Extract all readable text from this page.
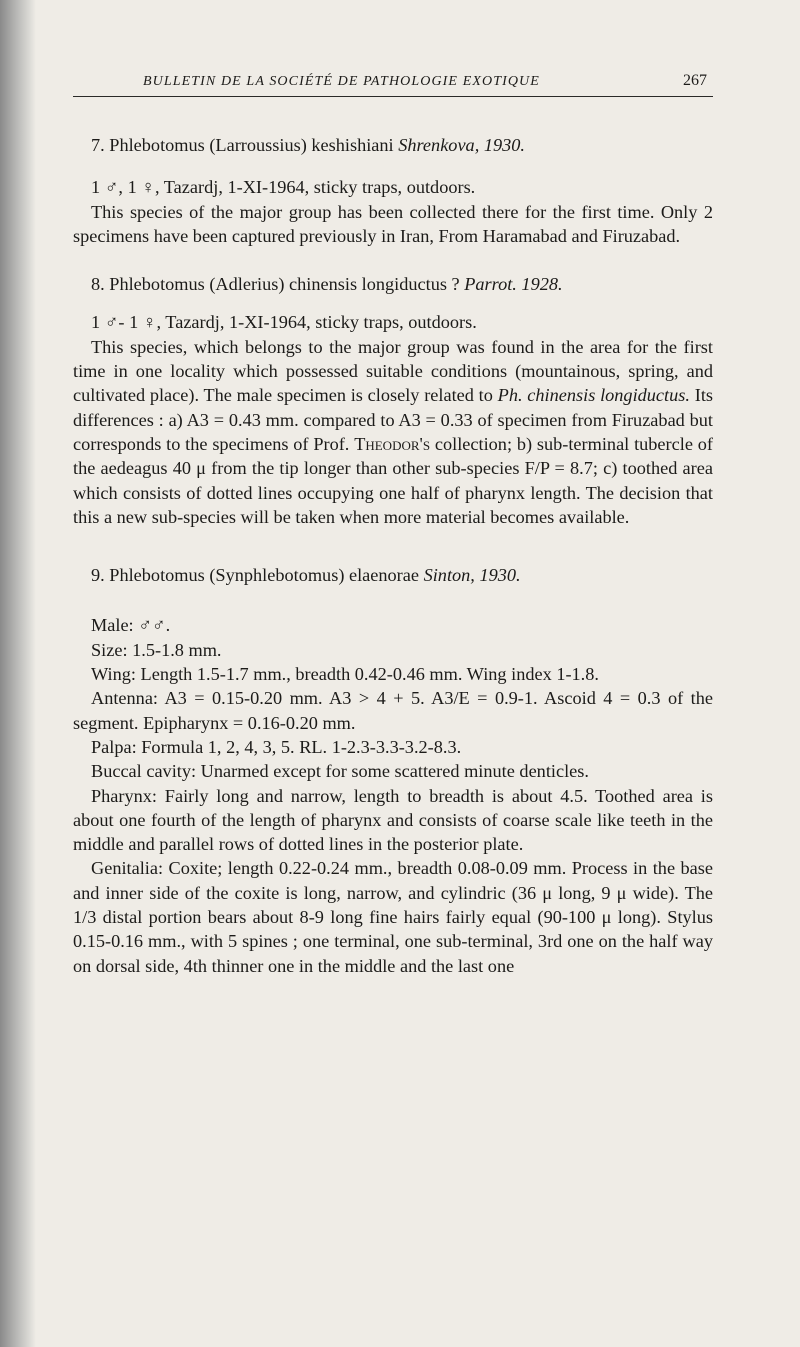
BULLETIN DE LA SOCIÉTÉ DE PATHOLOGIE EXOTIQUE	267

7. Phlebotomus (Larroussius) keshishiani Shrenkova, 1930.

1 ♂, 1 ♀, Tazardj, 1-XI-1964, sticky traps, outdoors.

This species of the major group has been collected there for the first time. Only 2 specimens have been captured previously in Iran, From Haramabad and Firuzabad.

8. Phlebotomus (Adlerius) chinensis longiductus ? Parrot. 1928.

1 ♂- 1 ♀, Tazardj, 1-XI-1964, sticky traps, outdoors.

This species, which belongs to the major group was found in the area for the first time in one locality which possessed suitable conditions (mountainous, spring, and cultivated place). The male specimen is closely related to Ph. chinensis longiductus. Its differences : a) A3 = 0.43 mm. compared to A3 = 0.33 of specimen from Firuzabad but corresponds to the specimens of Prof. Theodor's collection; b) sub-terminal tubercle of the aedeagus 40 μ from the tip longer than other sub-species F/P = 8.7; c) toothed area which consists of dotted lines occupying one half of pharynx length. The decision that this a new sub-species will be taken when more material becomes available.

9. Phlebotomus (Synphlebotomus) elaenorae Sinton, 1930.

Male: ♂♂.

Size: 1.5-1.8 mm.

Wing: Length 1.5-1.7 mm., breadth 0.42-0.46 mm. Wing index 1-1.8.

Antenna: A3 = 0.15-0.20 mm. A3 > 4 + 5. A3/E = 0.9-1. Ascoid 4 = 0.3 of the segment. Epipharynx = 0.16-0.20 mm.

Palpa: Formula 1, 2, 4, 3, 5. RL. 1-2.3-3.3-3.2-8.3.

Buccal cavity: Unarmed except for some scattered minute denticles.

Pharynx: Fairly long and narrow, length to breadth is about 4.5. Toothed area is about one fourth of the length of pharynx and consists of coarse scale like teeth in the middle and parallel rows of dotted lines in the posterior plate.

Genitalia: Coxite; length 0.22-0.24 mm., breadth 0.08-0.09 mm. Process in the base and inner side of the coxite is long, narrow, and cylindric (36 μ long, 9 μ wide). The 1/3 distal portion bears about 8-9 long fine hairs fairly equal (90-100 μ long). Stylus 0.15-0.16 mm., with 5 spines ; one terminal, one sub-terminal, 3rd one on the half way on dorsal side, 4th thinner one in the middle and the last one
